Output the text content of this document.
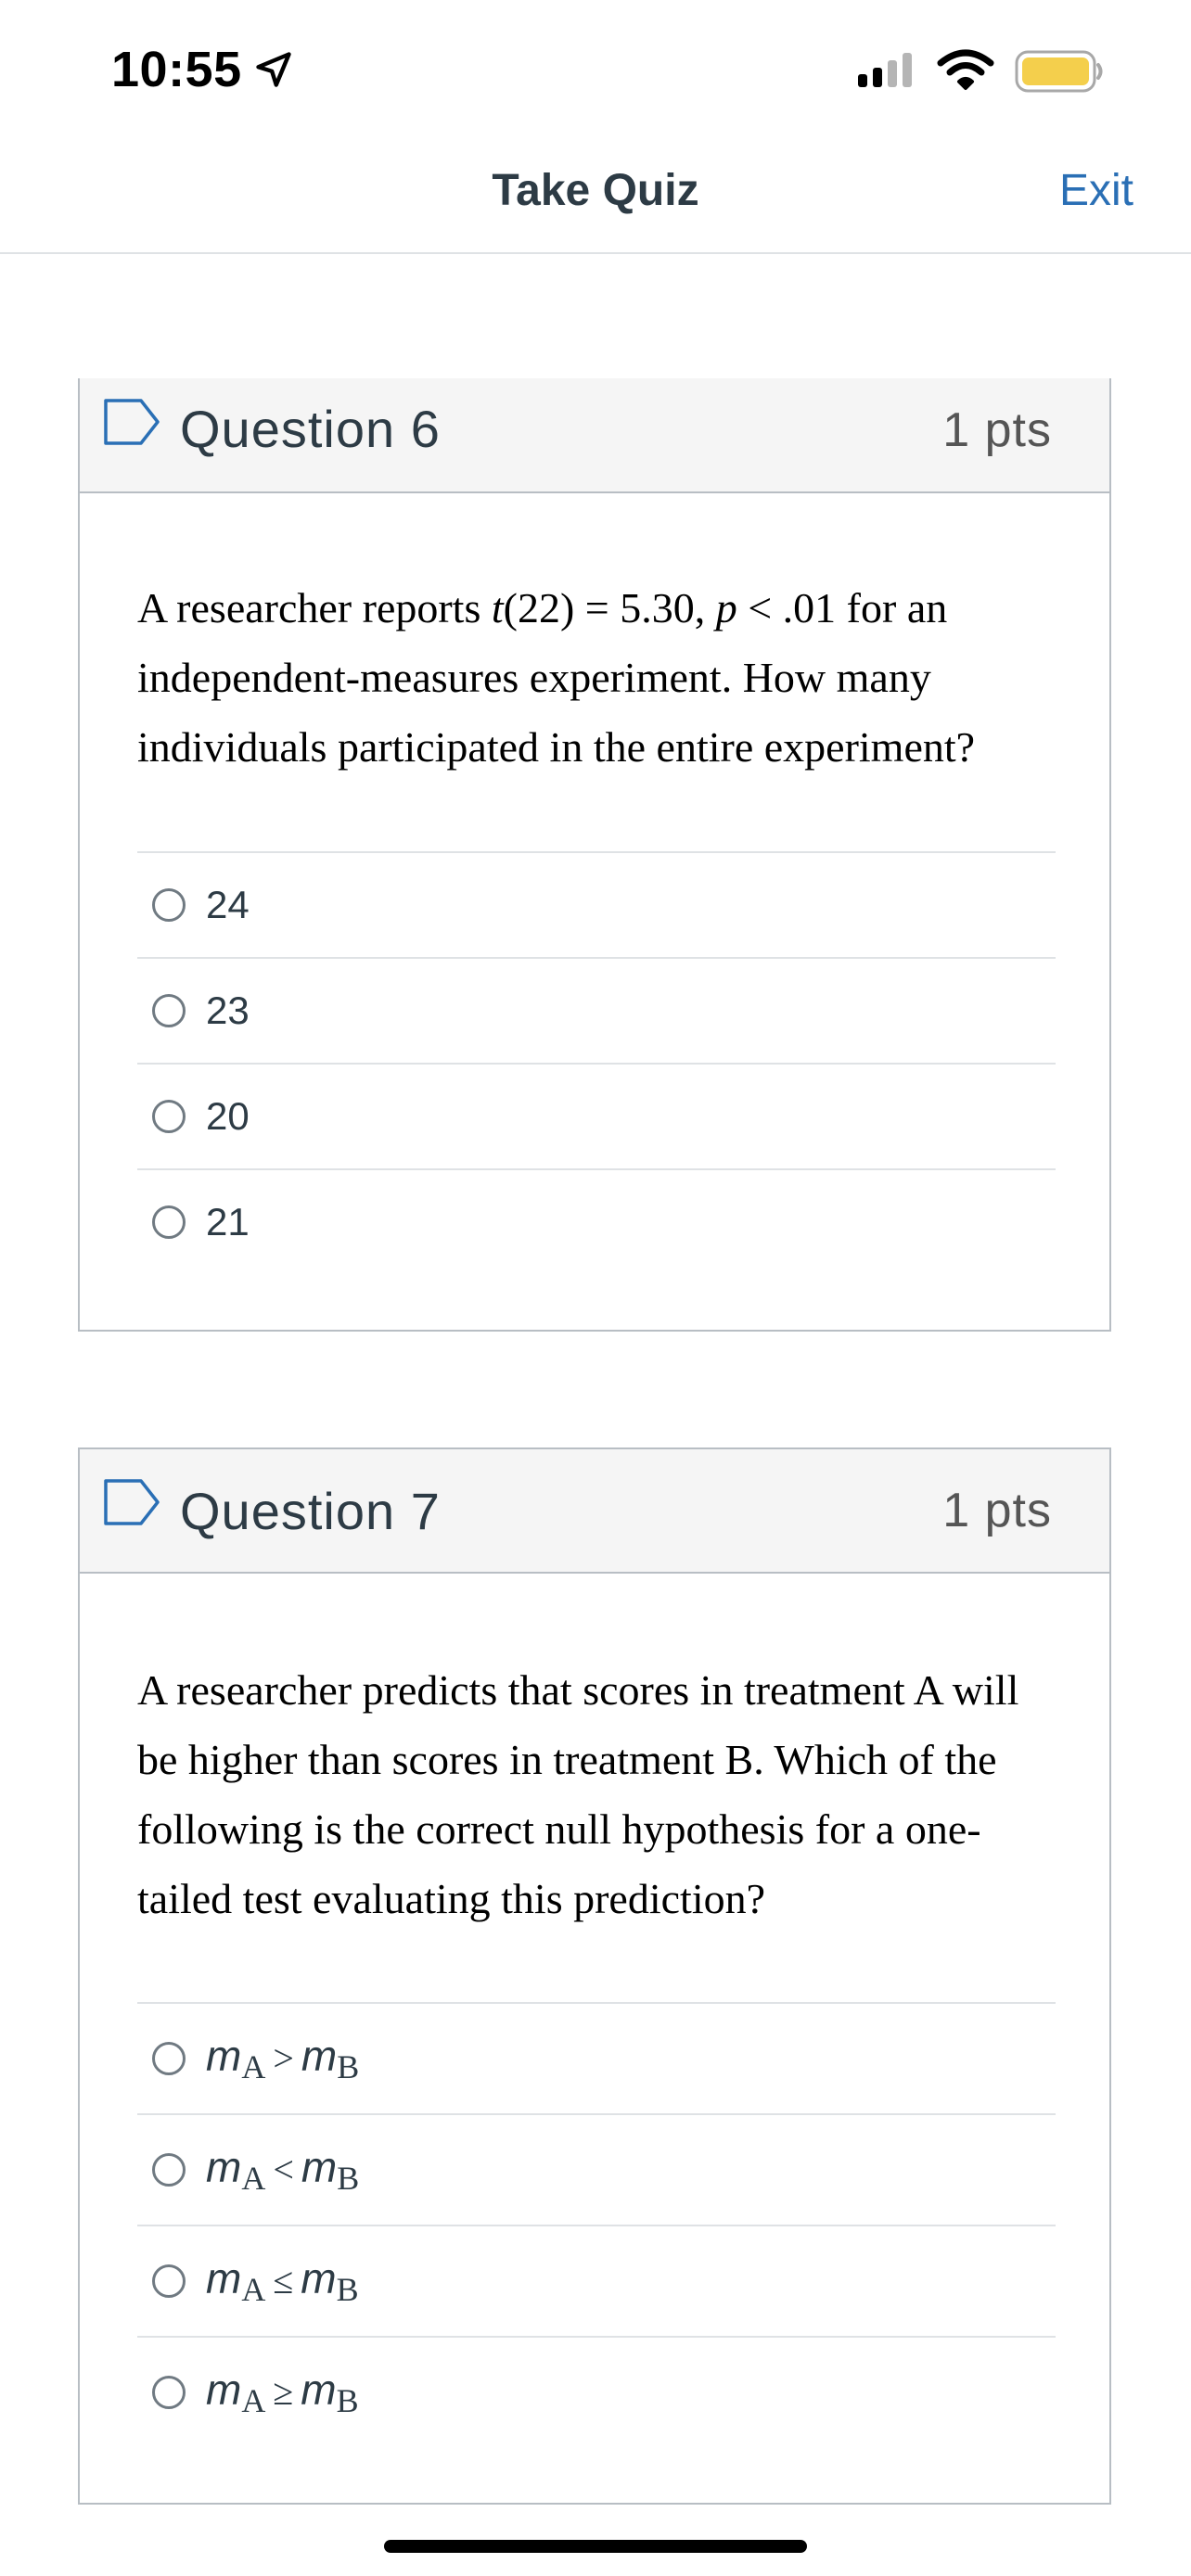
10:55
Take Quiz	Exit
Question 6	1 pts
A researcher reports t(22) = 5.30, p < .01 for an independent-measures experiment. How many individuals participated in the entire experiment?
24
23
20
21
Question 7	1 pts
A researcher predicts that scores in treatment A will be higher than scores in treatment B. Which of the following is the correct null hypothesis for a one-tailed test evaluating this prediction?
$m_A > m_B$
$m_A < m_B$
$m_A \le m_B$
$m_A \ge m_B$
